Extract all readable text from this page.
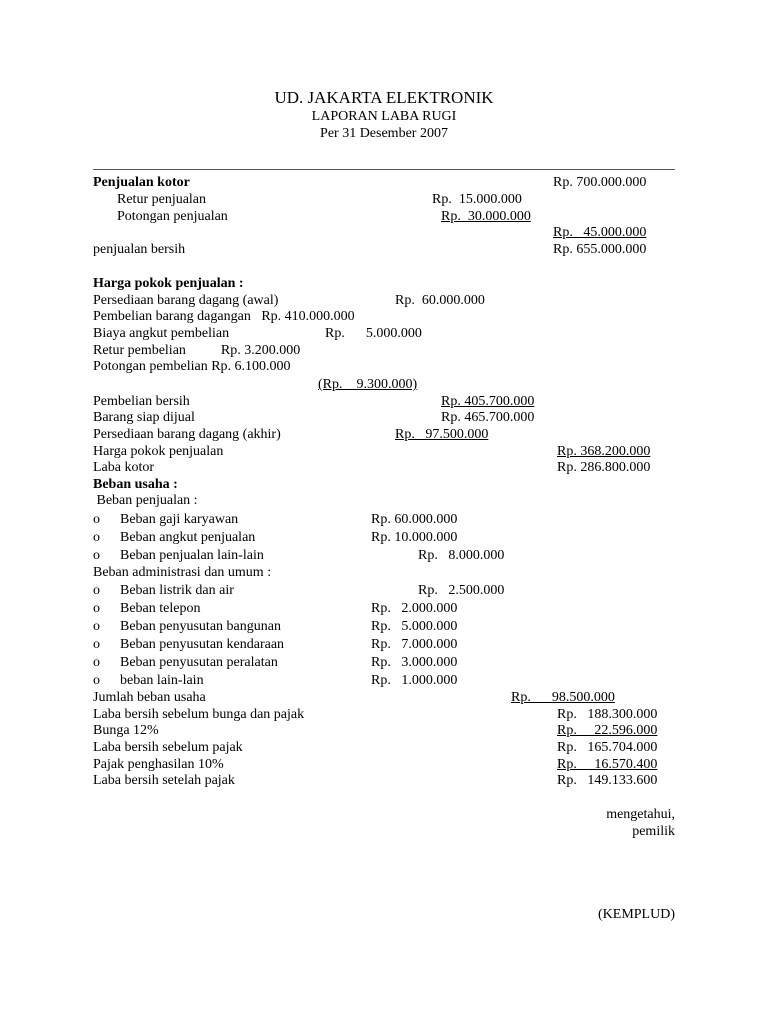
UD. JAKARTA ELEKTRONIK
LAPORAN LABA RUGI
Per 31 Desember 2007
Penjualan kotor	Rp. 700.000.000
Retur penjualan	Rp.  15.000.000
Potongan penjualan	Rp.  30.000.000
Rp.   45.000.000
penjualan bersih	Rp. 655.000.000
Harga pokok penjualan :
Persediaan barang dagang (awal)	Rp.  60.000.000
Pembelian barang dagangan   Rp. 410.000.000
Biaya angkut pembelian	Rp.      5.000.000
Retur pembelian          Rp. 3.200.000
Potongan pembelian Rp. 6.100.000
(Rp.    9.300.000)
Pembelian bersih	Rp. 405.700.000
Barang siap dijual	Rp. 465.700.000
Persediaan barang dagang (akhir)	Rp.   97.500.000
Harga pokok penjualan	Rp. 368.200.000
Laba kotor	Rp. 286.800.000
Beban usaha :
Beban penjualan :
o Beban gaji karyawan	Rp. 60.000.000
o Beban angkut penjualan	Rp. 10.000.000
o Beban penjualan lain-lain	Rp.   8.000.000
Beban administrasi dan umum :
o Beban listrik dan air	Rp.   2.500.000
o Beban telepon	Rp.   2.000.000
o Beban penyusutan bangunan	Rp.   5.000.000
o Beban penyusutan kendaraan	Rp.   7.000.000
o Beban penyusutan peralatan	Rp.   3.000.000
o beban lain-lain	Rp.   1.000.000
Jumlah beban usaha	Rp.      98.500.000
Laba bersih sebelum bunga dan pajak	Rp.   188.300.000
Bunga 12%	Rp.     22.596.000
Laba bersih sebelum pajak	Rp.   165.704.000
Pajak penghasilan 10%	Rp.     16.570.400
Laba bersih setelah pajak	Rp.   149.133.600
mengetahui,
pemilik
(KEMPLUD)
